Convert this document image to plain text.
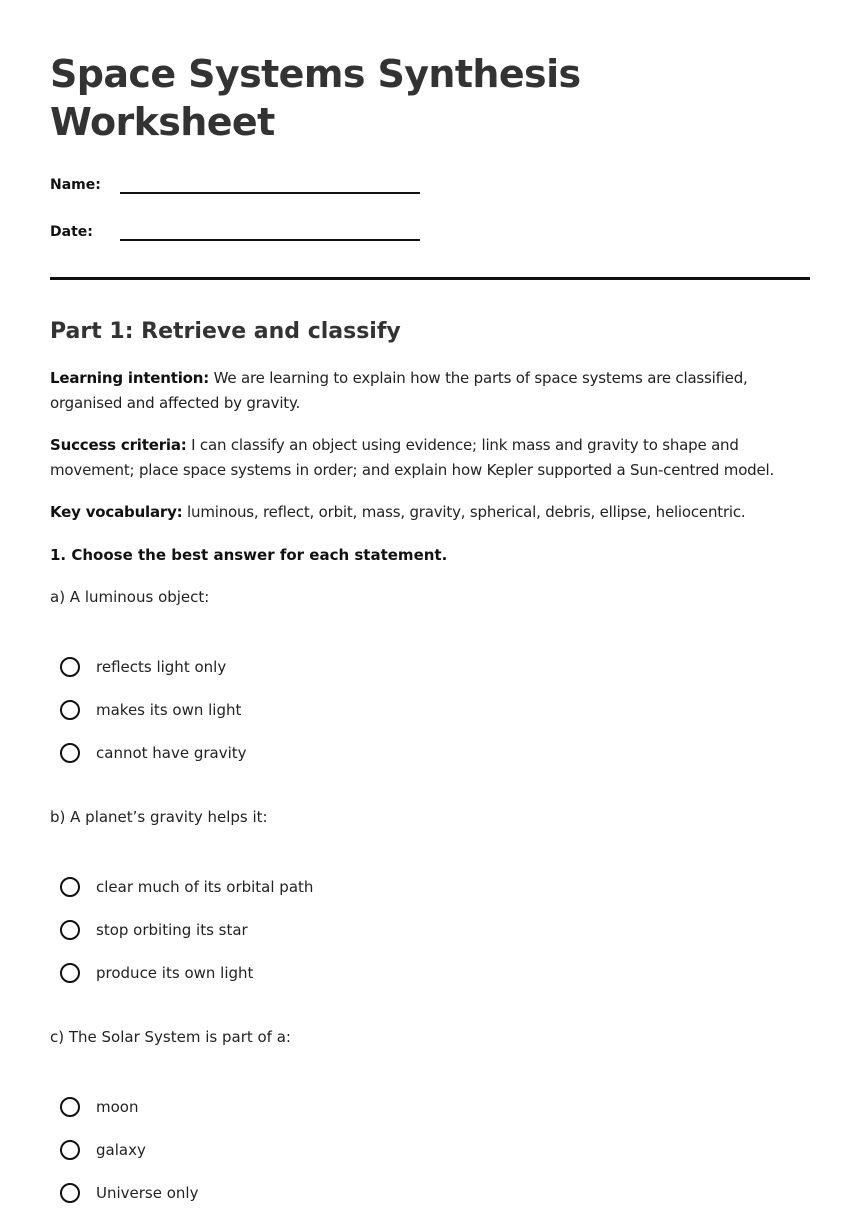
Space Systems Synthesis Worksheet
Name:
Date:
Part 1: Retrieve and classify

Learning intention: We are learning to explain how the parts of space systems are classified, organised and affected by gravity.

Success criteria: I can classify an object using evidence; link mass and gravity to shape and movement; place space systems in order; and explain how Kepler supported a Sun-centred model.

Key vocabulary: luminous, reflect, orbit, mass, gravity, spherical, debris, ellipse, heliocentric.

1. Choose the best answer for each statement.
a) A luminous object:
reflects light only
makes its own light
cannot have gravity
b) A planet’s gravity helps it:
clear much of its orbital path
stop orbiting its star
produce its own light
c) The Solar System is part of a:
moon
galaxy
Universe only
